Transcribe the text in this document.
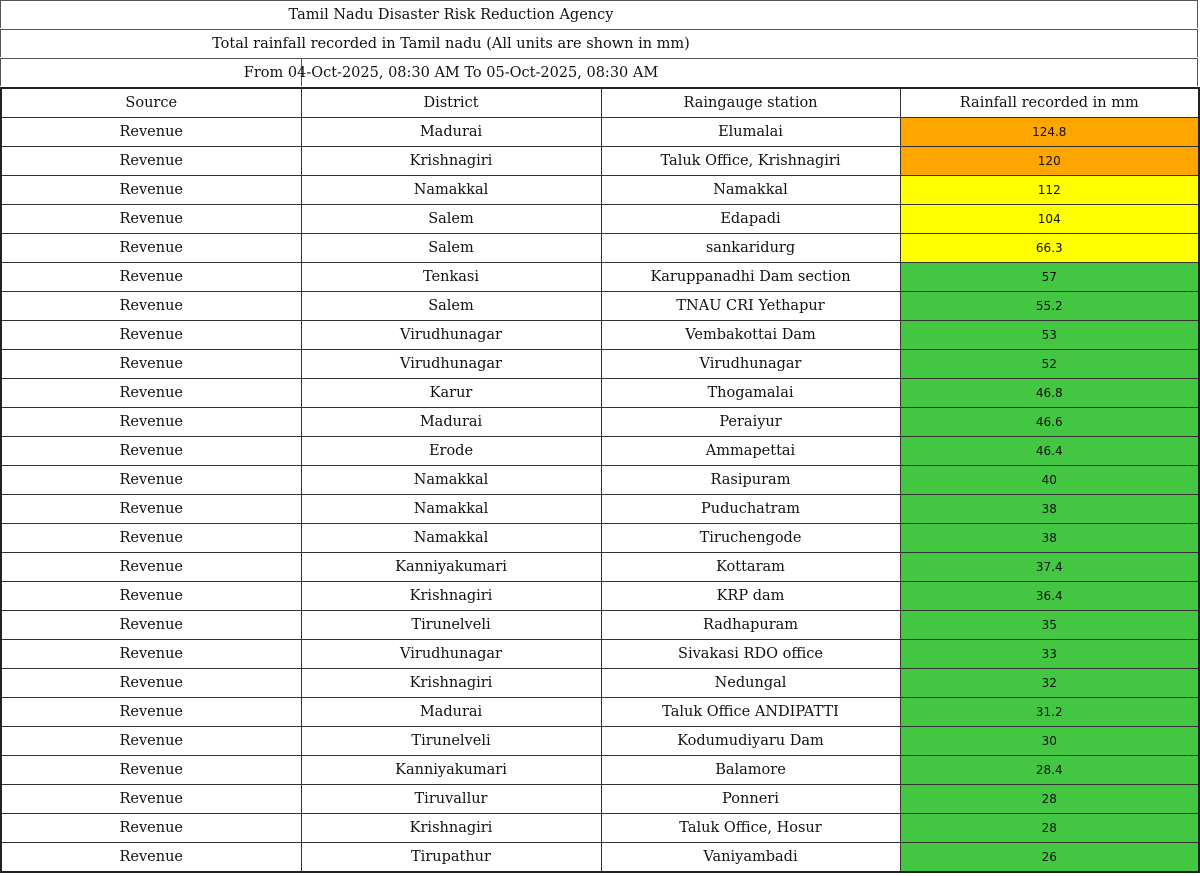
Tamil Nadu Disaster Risk Reduction Agency
Total rainfall recorded in Tamil nadu (All units are shown in mm)
From 04-Oct-2025, 08:30 AM To 05-Oct-2025, 08:30 AM
Source	District	Raingauge station	Rainfall recorded in mm
Revenue	Madurai	Elumalai	124.8
Revenue	Krishnagiri	Taluk Office, Krishnagiri	120
Revenue	Namakkal	Namakkal	112
Revenue	Salem	Edapadi	104
Revenue	Salem	sankaridurg	66.3
Revenue	Tenkasi	Karuppanadhi Dam section	57
Revenue	Salem	TNAU CRI Yethapur	55.2
Revenue	Virudhunagar	Vembakottai Dam	53
Revenue	Virudhunagar	Virudhunagar	52
Revenue	Karur	Thogamalai	46.8
Revenue	Madurai	Peraiyur	46.6
Revenue	Erode	Ammapettai	46.4
Revenue	Namakkal	Rasipuram	40
Revenue	Namakkal	Puduchatram	38
Revenue	Namakkal	Tiruchengode	38
Revenue	Kanniyakumari	Kottaram	37.4
Revenue	Krishnagiri	KRP dam	36.4
Revenue	Tirunelveli	Radhapuram	35
Revenue	Virudhunagar	Sivakasi RDO office	33
Revenue	Krishnagiri	Nedungal	32
Revenue	Madurai	Taluk Office ANDIPATTI	31.2
Revenue	Tirunelveli	Kodumudiyaru Dam	30
Revenue	Kanniyakumari	Balamore	28.4
Revenue	Tiruvallur	Ponneri	28
Revenue	Krishnagiri	Taluk Office, Hosur	28
Revenue	Tirupathur	Vaniyambadi	26
